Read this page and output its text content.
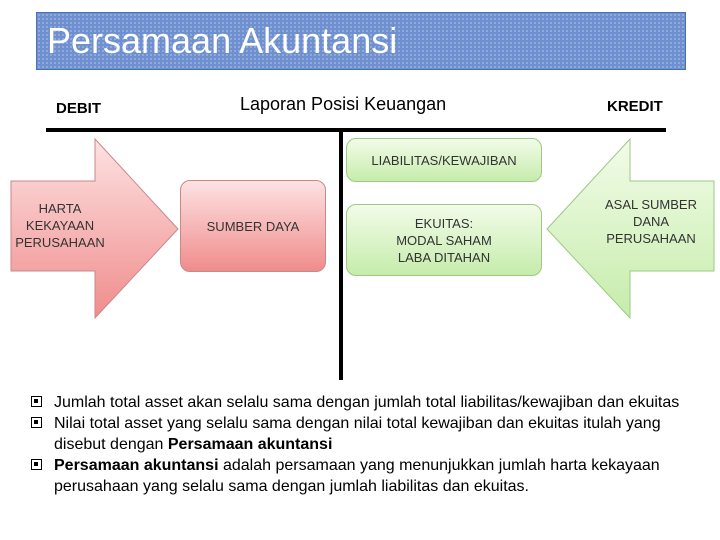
Persamaan Akuntansi
DEBIT	Laporan Posisi Keuangan	KREDIT
HARTA
KEKAYAAN
PERUSAHAAN
SUMBER DAYA
LIABILITAS/KEWAJIBAN
EKUITAS:
MODAL SAHAM
LABA DITAHAN
ASAL SUMBER
DANA
PERUSAHAAN

Jumlah total asset akan selalu sama dengan jumlah total liabilitas/kewajiban dan ekuitas

Nilai total asset yang selalu sama dengan nilai total kewajiban dan ekuitas itulah yang disebut dengan Persamaan akuntansi

Persamaan akuntansi adalah persamaan yang menunjukkan jumlah harta kekayaan perusahaan yang selalu sama dengan jumlah liabilitas dan ekuitas.
